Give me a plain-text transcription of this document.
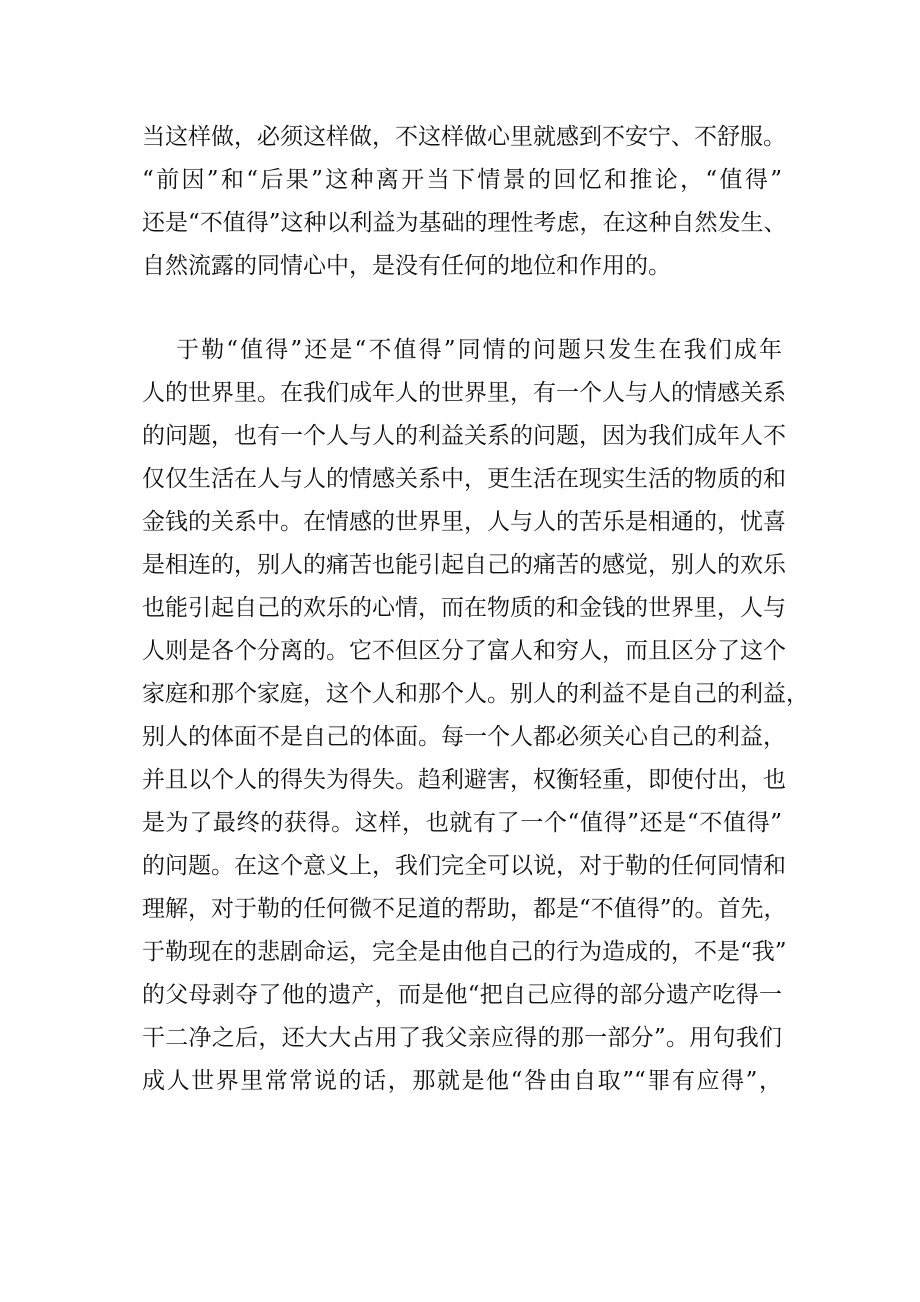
当这样做，必须这样做，不这样做心里就感到不安宁、不舒服。
“前因”和“后果”这种离开当下情景的回忆和推论，“值得”
还是“不值得”这种以利益为基础的理性考虑，在这种自然发生、
自然流露的同情心中，是没有任何的地位和作用的。
于勒“值得”还是“不值得”同情的问题只发生在我们成年
人的世界里。在我们成年人的世界里，有一个人与人的情感关系
的问题，也有一个人与人的利益关系的问题，因为我们成年人不
仅仅生活在人与人的情感关系中，更生活在现实生活的物质的和
金钱的关系中。在情感的世界里，人与人的苦乐是相通的，忧喜
是相连的，别人的痛苦也能引起自己的痛苦的感觉，别人的欢乐
也能引起自己的欢乐的心情，而在物质的和金钱的世界里，人与
人则是各个分离的。它不但区分了富人和穷人，而且区分了这个
家庭和那个家庭，这个人和那个人。别人的利益不是自己的利益，
别人的体面不是自己的体面。每一个人都必须关心自己的利益，
并且以个人的得失为得失。趋利避害，权衡轻重，即使付出，也
是为了最终的获得。这样，也就有了一个“值得”还是“不值得”
的问题。在这个意义上，我们完全可以说，对于勒的任何同情和
理解，对于勒的任何微不足道的帮助，都是“不值得”的。首先，
于勒现在的悲剧命运，完全是由他自己的行为造成的，不是“我”
的父母剥夺了他的遗产，而是他“把自己应得的部分遗产吃得一
干二净之后，还大大占用了我父亲应得的那一部分”。用句我们
成人世界里常常说的话，那就是他“咎由自取”“罪有应得”，
